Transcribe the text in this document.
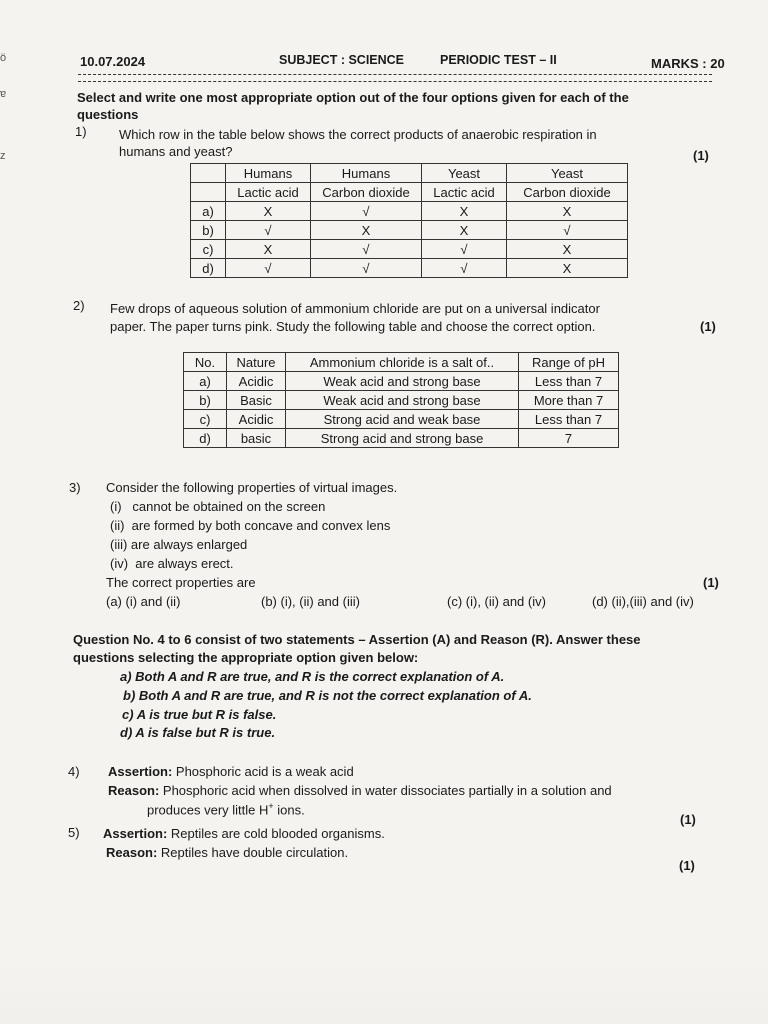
ö
ɐ
z
10.07.2024	SUBJECT : SCIENCE	PERIODIC TEST – II	MARKS : 20
Select and write one most appropriate option out of the four options given for each of the
questions
1) Which row in the table below shows the correct products of anaerobic respiration in
humans and yeast?	(1)
	Humans	Humans	Yeast	Yeast
	Lactic acid	Carbon dioxide	Lactic acid	Carbon dioxide
a)	X	√	X	X
b)	√	X	X	√
c)	X	√	√	X
d)	√	√	√	X
2) Few drops of aqueous solution of ammonium chloride are put on a universal indicator
paper. The paper turns pink. Study the following table and choose the correct option.	(1)
No.	Nature	Ammonium chloride is a salt of..	Range of pH
a)	Acidic	Weak acid and strong base	Less than 7
b)	Basic	Weak acid and strong base	More than 7
c)	Acidic	Strong acid and weak base	Less than 7
d)	basic	Strong acid and strong base	7
3) Consider the following properties of virtual images.
(i)   cannot be obtained on the screen
(ii)  are formed by both concave and convex lens
(iii) are always enlarged
(iv)  are always erect.
The correct properties are	(1)
(a) (i) and (ii)	(b) (i), (ii) and (iii)	(c) (i), (ii) and (iv)	(d) (ii),(iii) and (iv)
Question No. 4 to 6 consist of two statements – Assertion (A) and Reason (R). Answer these
questions selecting the appropriate option given below:
a) Both A and R are true, and R is the correct explanation of A.
b) Both A and R are true, and R is not the correct explanation of A.
c) A is true but R is false.
d) A is false but R is true.
4) Assertion: Phosphoric acid is a weak acid
Reason: Phosphoric acid when dissolved in water dissociates partially in a solution and
produces very little H+ ions.
(1)
5) Assertion: Reptiles are cold blooded organisms.
Reason: Reptiles have double circulation.
(1)
